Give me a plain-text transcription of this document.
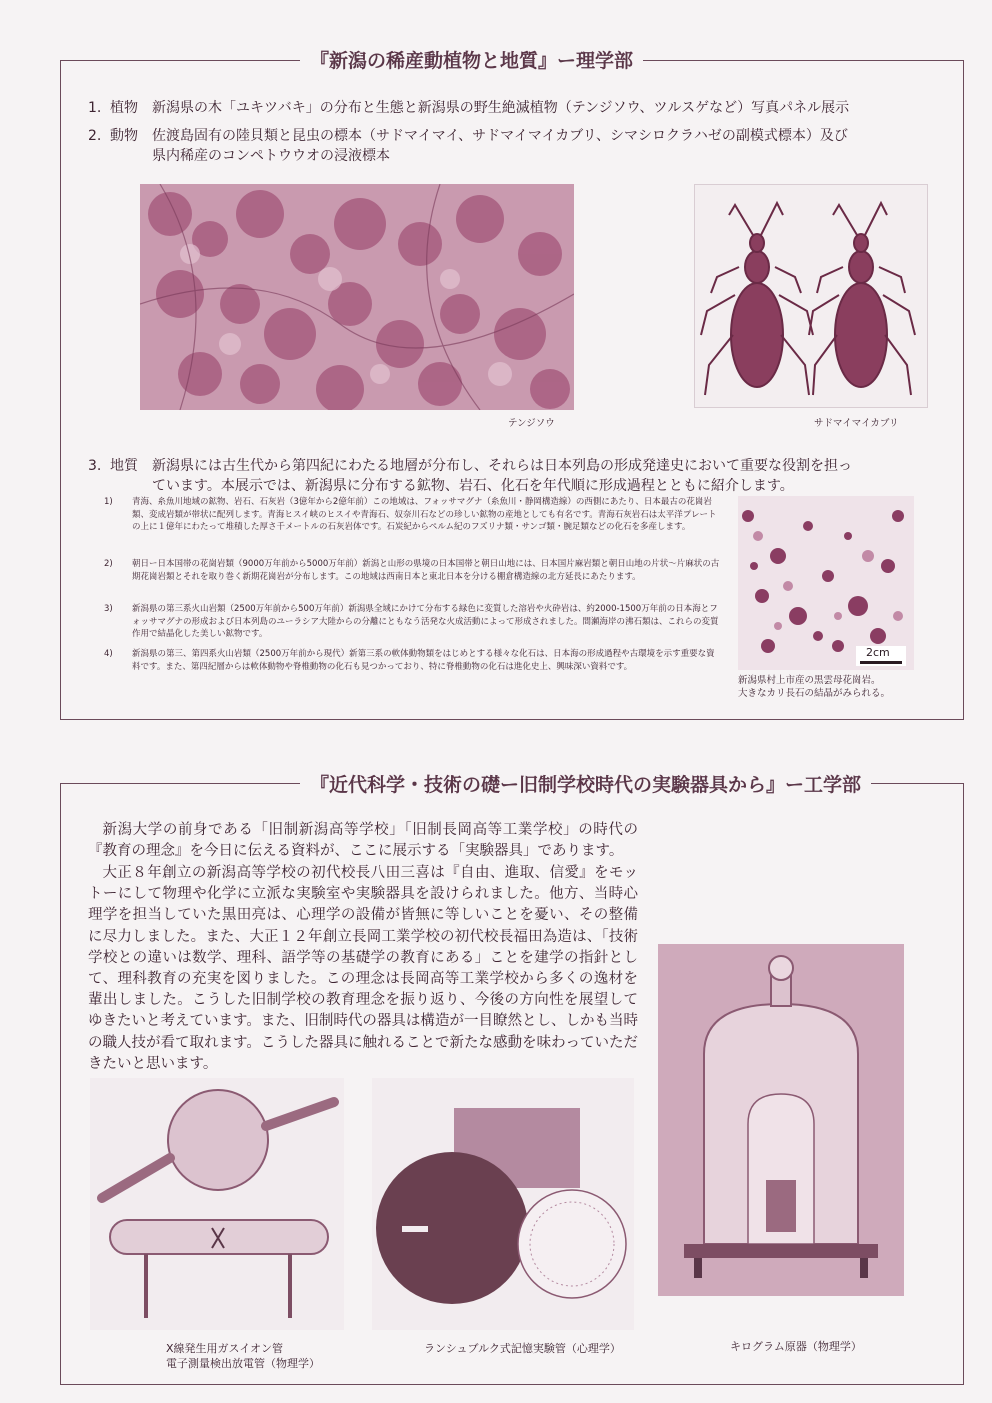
『新潟の稀産動植物と地質』ー理学部
1. 植物　新潟県の木「ユキツバキ」の分布と生態と新潟県の野生絶滅植物（テンジソウ、ツルスゲなど）写真パネル展示
2. 動物　佐渡島固有の陸貝類と昆虫の標本（サドマイマイ、サドマイマイカブリ、シマシロクラハゼの副模式標本）及び
県内稀産のコンペトウウオの浸液標本
テンジソウ	サドマイマイカブリ
3. 地質　新潟県には古生代から第四紀にわたる地層が分布し、それらは日本列島の形成発達史において重要な役割を担っ
ています。本展示では、新潟県に分布する鉱物、岩石、化石を年代順に形成過程とともに紹介します。
1) 青海、糸魚川地域の鉱物、岩石、石灰岩（3億年から2億年前）この地域は、フォッサマグナ（糸魚川・静岡構造線）の西側にあたり、日本最古の花崗岩類、変成岩類が帯状に配列します。青海ヒスイ峡のヒスイや青海石、奴奈川石などの珍しい鉱物の産地としても有名です。青海石灰岩石は太平洋プレートの上に１億年にわたって堆積した厚さ千メートルの石灰岩体です。石炭紀からペルム紀のフズリナ類・サンゴ類・腕足類などの化石を多産します。
2) 朝日ー日本国帯の花崗岩類（9000万年前から5000万年前）新潟と山形の県境の日本国帯と朝日山地には、日本国片麻岩類と朝日山地の片状～片麻状の古期花崗岩類とそれを取り巻く新期花崗岩が分布します。この地域は西南日本と東北日本を分ける棚倉構造線の北方延長にあたります。
3) 新潟県の第三系火山岩類（2500万年前から500万年前）新潟県全域にかけて分布する緑色に変質した溶岩や火砕岩は、約2000-1500万年前の日本海とフォッサマグナの形成および日本列島のユーラシア大陸からの分離にともなう活発な火成活動によって形成されました。間瀬海岸の沸石類は、これらの変質作用で結晶化した美しい鉱物です。
4) 新潟県の第三、第四系火山岩類（2500万年前から現代）新第三系の軟体動物類をはじめとする様々な化石は、日本海の形成過程や古環境を示す重要な資料です。また、第四紀層からは軟体動物や脊椎動物の化石も見つかっており、特に脊椎動物の化石は進化史上、興味深い資料です。
2cm
新潟県村上市産の黒雲母花崗岩。
大きなカリ長石の結晶がみられる。
『近代科学・技術の礎ー旧制学校時代の実験器具から』ー工学部
新潟大学の前身である「旧制新潟高等学校」「旧制長岡高等工業学校」の時代の『教育の理念』を今日に伝える資料が、ここに展示する「実験器具」であります。
大正８年創立の新潟高等学校の初代校長八田三喜は『自由、進取、信愛』をモットーにして物理や化学に立派な実験室や実験器具を設けられました。他方、当時心理学を担当していた黒田亮は、心理学の設備が皆無に等しいことを憂い、その整備に尽力しました。また、大正１２年創立長岡工業学校の初代校長福田為造は、「技術学校との違いは数学、理科、語学等の基礎学の教育にある」ことを建学の指針として、理科教育の充実を図りました。この理念は長岡高等工業学校から多くの逸材を輩出しました。こうした旧制学校の教育理念を振り返り、今後の方向性を展望してゆきたいと考えています。また、旧制時代の器具は構造が一目瞭然とし、しかも当時の職人技が看て取れます。こうした器具に触れることで新たな感動を味わっていただきたいと思います。
キログラム原器（物理学）
X線発生用ガスイオン管
電子測量検出放電管（物理学）
ランシュブルク式記憶実験管（心理学）
